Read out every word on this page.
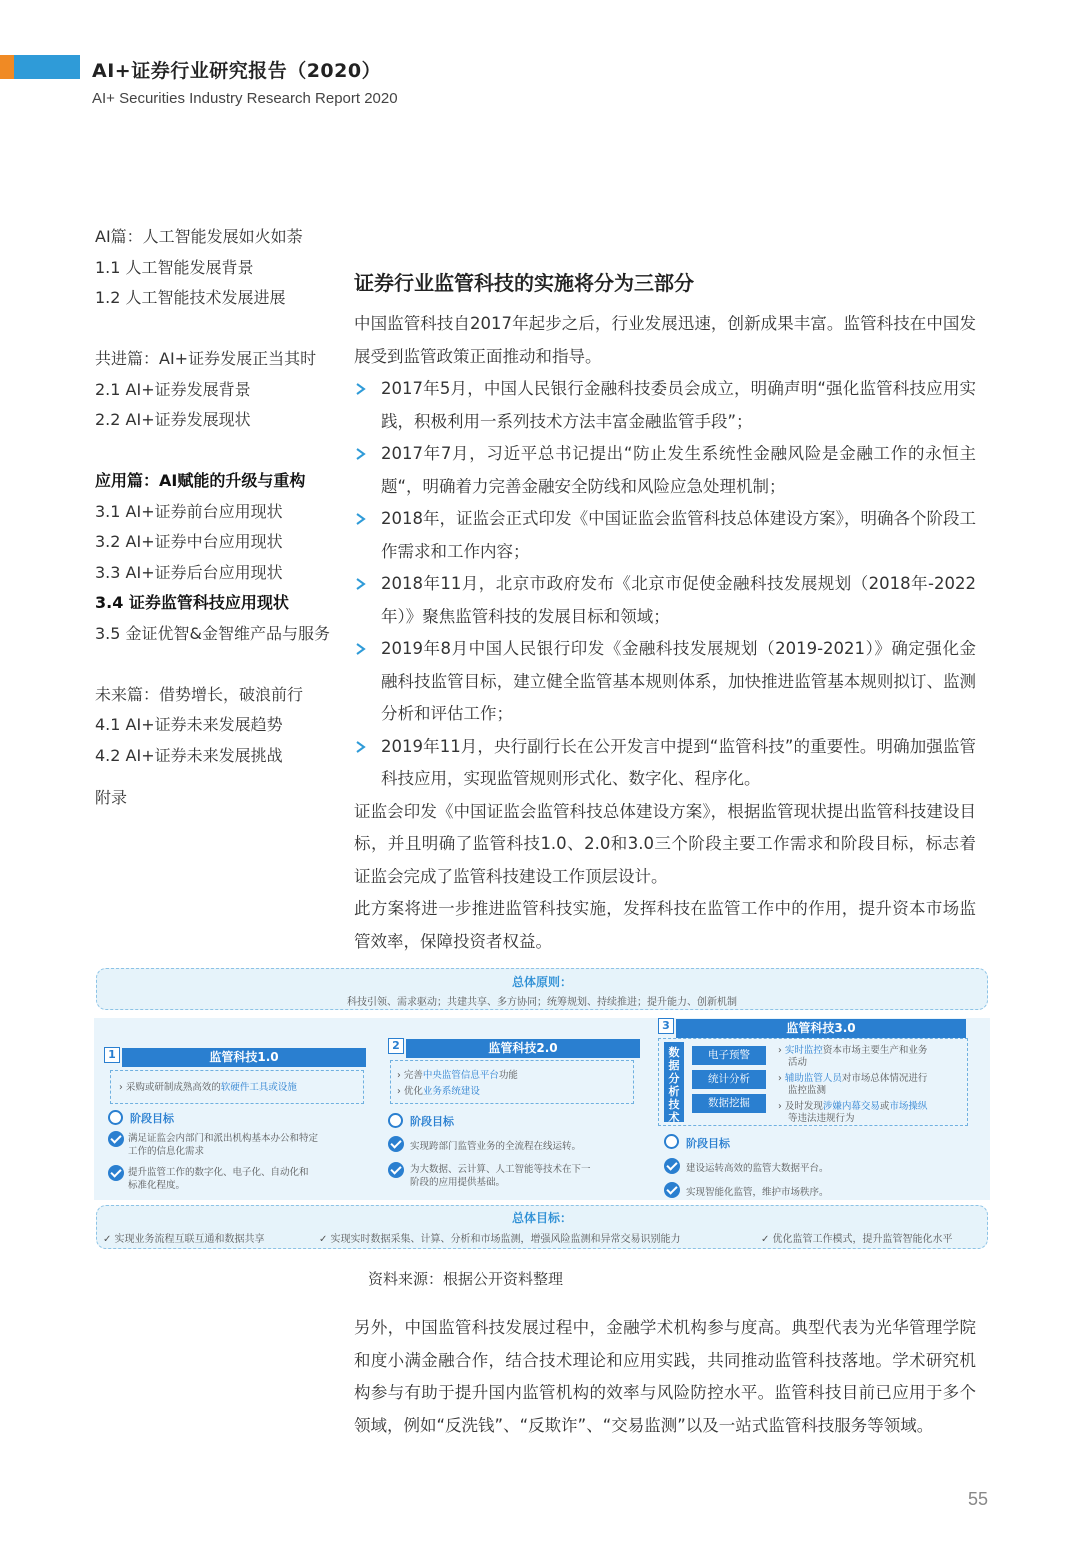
AI+证券行业研究报告（2020）
AI+ Securities Industry Research Report 2020
AI篇：人工智能发展如火如荼
1.1 人工智能发展背景
1.2 人工智能技术发展进展
共进篇：AI+证券发展正当其时
2.1 AI+证券发展背景
2.2 AI+证券发展现状
应用篇：AI赋能的升级与重构
3.1 AI+证券前台应用现状
3.2 AI+证券中台应用现状
3.3 AI+证券后台应用现状
3.4 证券监管科技应用现状
3.5 金证优智&金智维产品与服务
未来篇：借势增长，破浪前行
4.1 AI+证券未来发展趋势
4.2 AI+证券未来发展挑战
附录
证券行业监管科技的实施将分为三部分
中国监管科技自2017年起步之后，行业发展迅速，创新成果丰富。监管科技在中国发展受到监管政策正面推动和指导。
2017年5月，中国人民银行金融科技委员会成立，明确声明“强化监管科技应用实践，积极利用一系列技术方法丰富金融监管手段”；
2017年7月，习近平总书记提出“防止发生系统性金融风险是金融工作的永恒主题“，明确着力完善金融安全防线和风险应急处理机制；
2018年，证监会正式印发《中国证监会监管科技总体建设方案》，明确各个阶段工作需求和工作内容；
2018年11月，北京市政府发布《北京市促使金融科技发展规划（2018年-2022年）》聚焦监管科技的发展目标和领域；
2019年8月中国人民银行印发《金融科技发展规划（2019-2021）》确定强化金融科技监管目标，建立健全监管基本规则体系，加快推进监管基本规则拟订、监测分析和评估工作；
2019年11月，央行副行长在公开发言中提到“监管科技”的重要性。明确加强监管科技应用，实现监管规则形式化、数字化、程序化。
证监会印发《中国证监会监管科技总体建设方案》，根据监管现状提出监管科技建设目标，并且明确了监管科技1.0、2.0和3.0三个阶段主要工作需求和阶段目标，标志着证监会完成了监管科技建设工作顶层设计。
此方案将进一步推进监管科技实施，发挥科技在监管工作中的作用，提升资本市场监管效率，保障投资者权益。
总体原则：
科技引领、需求驱动；共建共享、多方协同；统筹规划、持续推进；提升能力、创新机制
1	监管科技1.0
› 采购或研制成熟高效的软硬件工具或设施
阶段目标
满足证监会内部门和派出机构基本办公和特定
工作的信息化需求
提升监管工作的数字化、电子化、自动化和
标准化程度。
2	监管科技2.0
› 完善中央监管信息平台功能
› 优化业务系统建设
阶段目标
实现跨部门监管业务的全流程在线运转。
为大数据、云计算、人工智能等技术在下一
阶段的应用提供基础。
3	监管科技3.0
数据分析技术
电子预警
统计分析
数据挖掘
› 实时监控资本市场主要生产和业务
活动
› 辅助监管人员对市场总体情况进行
监控监测
› 及时发现涉嫌内幕交易或市场操纵
等违法违规行为
阶段目标
建设运转高效的监管大数据平台。
实现智能化监管，维护市场秩序。
总体目标：
✓ 实现业务流程互联互通和数据共享	✓ 实现实时数据采集、计算、分析和市场监测，增强风险监测和异常交易识别能力	✓ 优化监管工作模式，提升监管智能化水平
资料来源：根据公开资料整理
另外，中国监管科技发展过程中，金融学术机构参与度高。典型代表为光华管理学院和度小满金融合作，结合技术理论和应用实践，共同推动监管科技落地。学术研究机构参与有助于提升国内监管机构的效率与风险防控水平。监管科技目前已应用于多个领域，例如“反洗钱”、“反欺诈”、“交易监测”以及一站式监管科技服务等领域。
55
